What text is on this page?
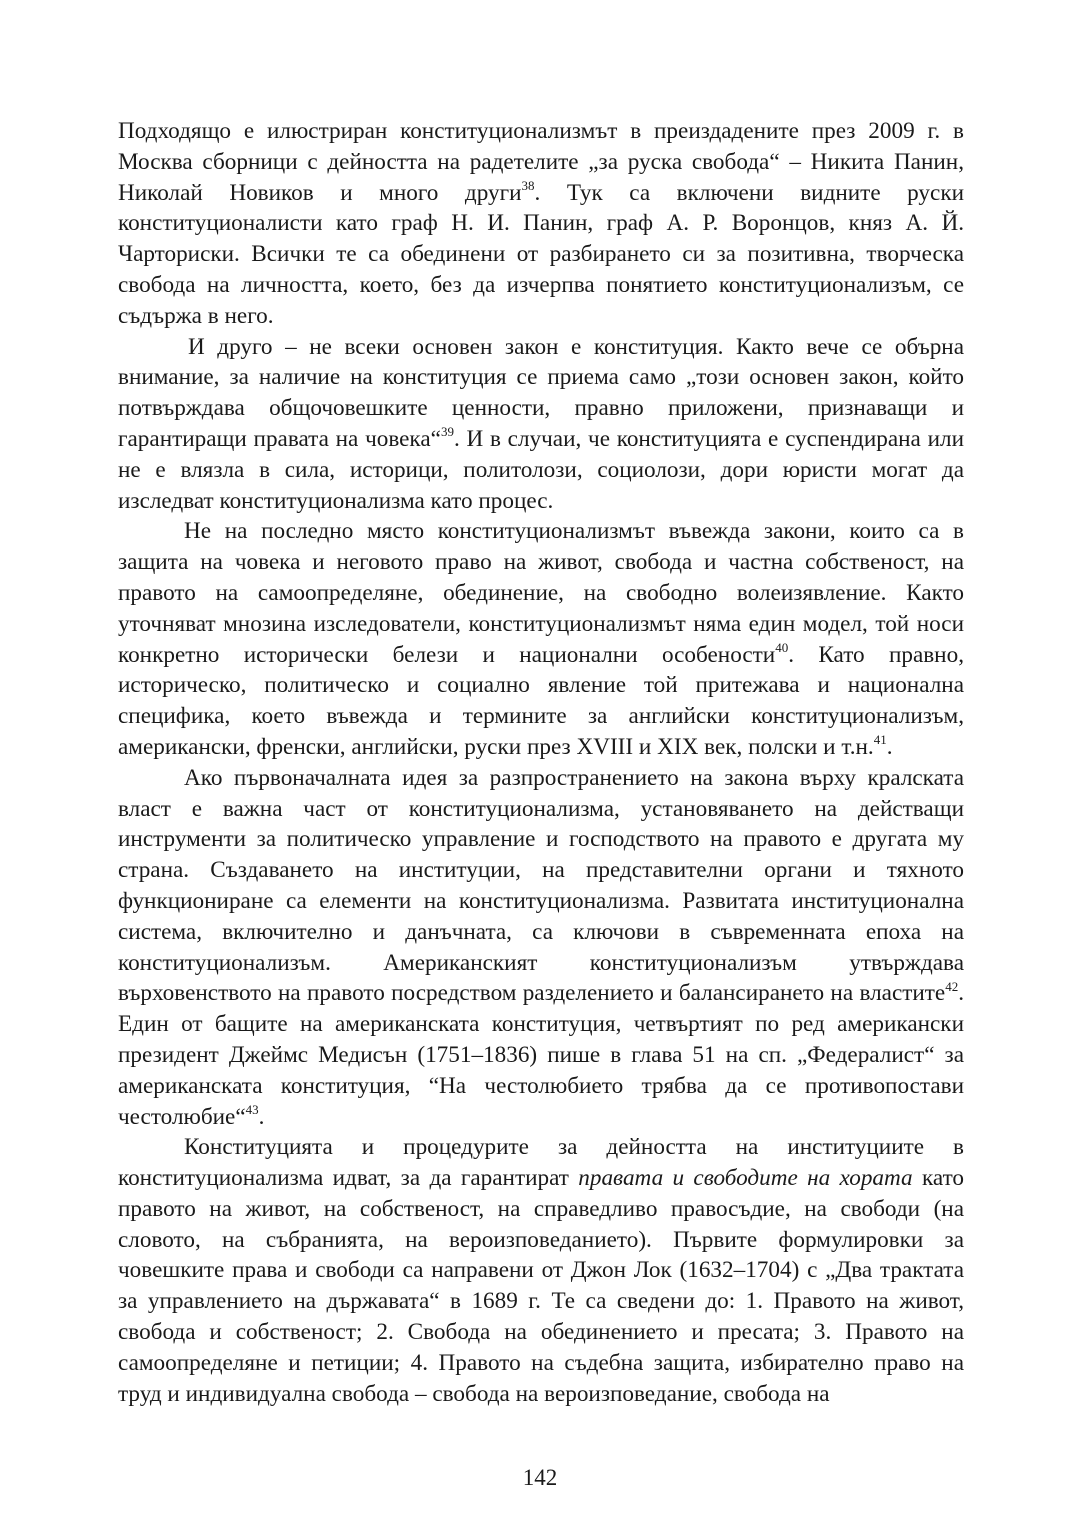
Подходящо е илюстриран конституционализмът в преиздадените през 2009 г. в Москва сборници с дейността на радетелите „за руска свобода“ – Никита Панин, Николай Новиков и много други$^{38}$. Тук са включени видните руски конституционалисти като граф Н. И. Панин, граф А. Р. Воронцов, княз А. Й. Чарториски. Всички те са обединени от разбирането си за позитивна, творческа свобода на личността, което, без да изчерпва понятието конституционализъм, се съдържа в него.

И друго – не всеки основен закон е конституция. Както вече се обърна внимание, за наличие на конституция се приема само „този основен закон, който потвърждава общочовешките ценности, правно приложени, признаващи и гарантиращи правата на човека“$^{39}$. И в случаи, че конституцията е суспендирана или не е влязла в сила, историци, политолози, социолози, дори юристи могат да изследват конституционализма като процес.

Не на последно място конституционализмът въвежда закони, които са в защита на човека и неговото право на живот, свобода и частна собственост, на правото на самоопределяне, обединение, на свободно волеизявление. Както уточняват мнозина изследователи, конституционализмът няма един модел, той носи конкретно исторически белези и национални особености$^{40}$. Като правно, историческо, политическо и социално явление той притежава и национална специфика, което въвежда и термините за английски конституционализъм, американски, френски, английски, руски през XVIII и XIX век, полски и т.н.$^{41}$.

Ако първоначалната идея за разпространението на закона върху кралската власт е важна част от конституционализма, установяването на действащи инструменти за политическо управление и господството на правото е другата му страна. Създаването на институции, на представителни органи и тяхното функциониране са елементи на конституционализма. Развитата институционална система, включително и данъчната, са ключови в съвременната епоха на конституционализъм. Американският конституционализъм утвърждава върховенството на правото посредством разделението и балансирането на властите$^{42}$. Един от бащите на американската конституция, четвъртият по ред американски президент Джеймс Медисън (1751–1836) пише в глава 51 на сп. „Федералист“ за американската конституция, “На честолюбието трябва да се противопостави честолюбие“$^{43}$.

Конституцията и процедурите за дейността на институциите в конституционализма идват, за да гарантират правата и свободите на хората като правото на живот, на собственост, на справедливо правосъдие, на свободи (на словото, на събранията, на вероизповеданието). Първите формулировки за човешките права и свободи са направени от Джон Лок (1632–1704) с „Два трактата за управлението на държавата“ в 1689 г. Те са сведени до: 1. Правото на живот, свобода и собственост; 2. Свобода на обединението и пресата; 3. Правото на самоопределяне и петиции; 4. Правото на съдебна защита, избирателно право на труд и индивидуална свобода – свобода на вероизповедание, свобода на

142
